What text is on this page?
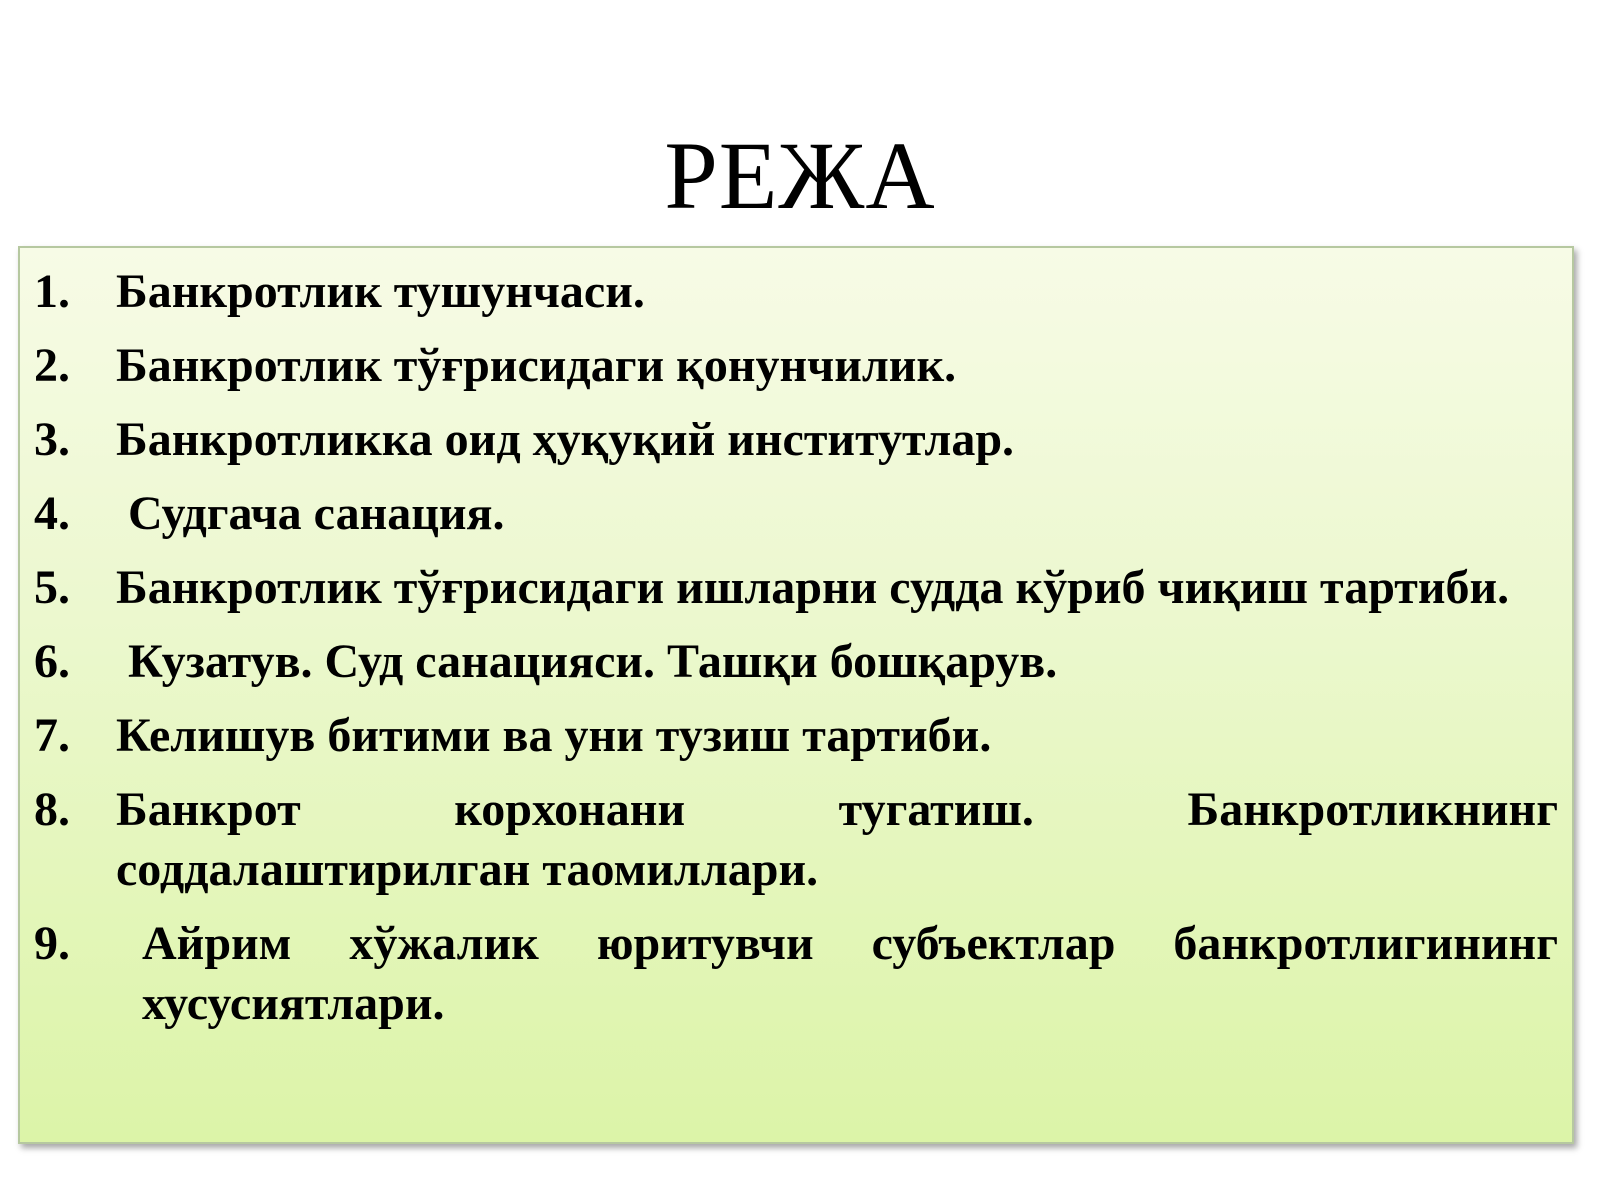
РЕЖА
1. Банкротлик тушунчаси.
2. Банкротлик тўғрисидаги қонунчилик.
3. Банкротликка оид ҳуқуқий институтлар.
4.	Судгача санация.
5. Банкротлик тўғрисидаги ишларни судда кўриб чиқиш тартиби.
6.	Кузатув. Суд санацияси. Ташқи бошқарув.
7. Келишув битими ва уни тузиш тартиби.
8. Банкрот корхонани тугатиш. Банкротликнинг соддалаштирилган таомиллари.
9.	Айрим хўжалик юритувчи субъектлар банкротлигининг хусусиятлари.
